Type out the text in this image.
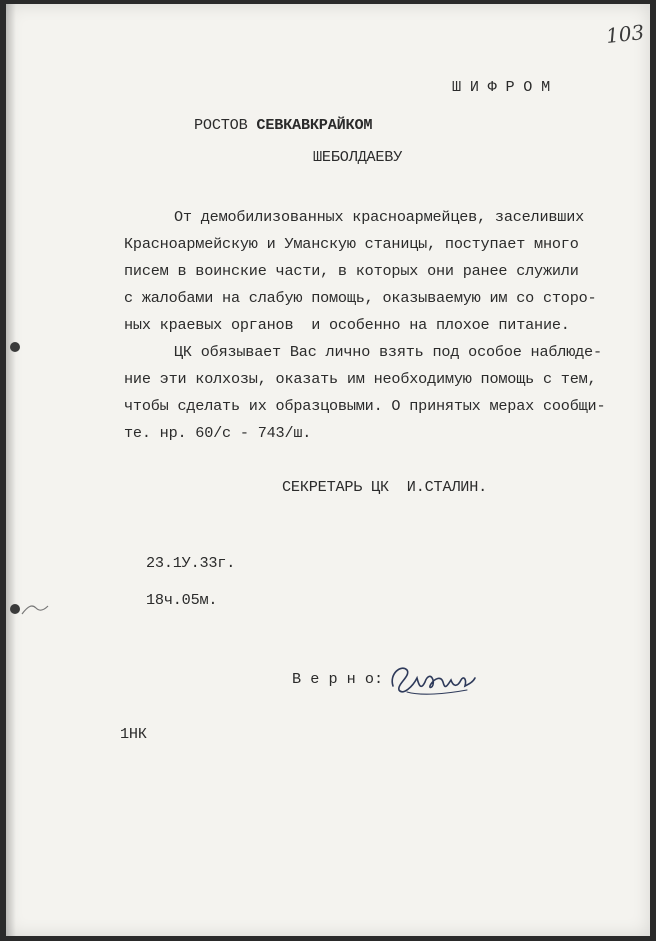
103
Ш И Ф Р О М
РОСТОВ СЕВКАВКРАЙКОМ
ШЕБОЛДАЕВУ
От демобилизованных красноармейцев, заселивших
Красноармейскую и Уманскую станицы, поступает много
писем в воинские части, в которых они ранее служили
с жалобами на слабую помощь, оказываемую им со сторо-
ных краевых органов  и особенно на плохое питание.
ЦК обязывает Вас лично взять под особое наблюде-
ние эти колхозы, оказать им необходимую помощь с тем,
чтобы сделать их образцовыми. О принятых мерах сообщи-
те. нр. 60/с - 743/ш.
СЕКРЕТАРЬ ЦК  И.СТАЛИН.
23.1У.33г.
18ч.05м.
В е р н о:
1НК
